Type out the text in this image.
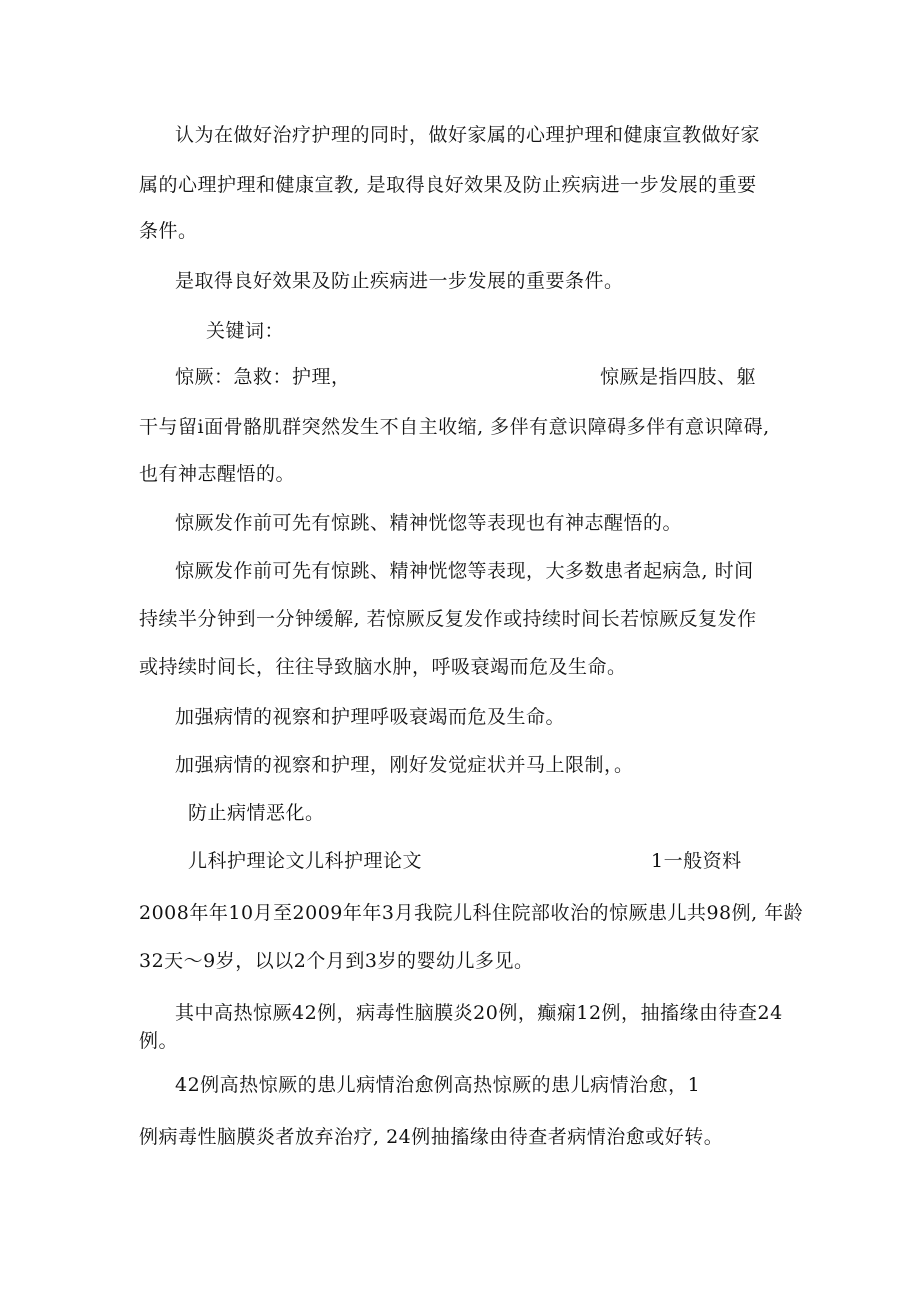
认为在做好治疗护理的同时，做好家属的心理护理和健康宣教做好家
属的心理护理和健康宣教, 是取得良好效果及防止疾病进一步发展的重要
条件。
是取得良好效果及防止疾病进一步发展的重要条件。
关键词：
惊厥：急救：护理，	惊厥是指四肢、躯
干与留i面骨骼肌群突然发生不自主收缩, 多伴有意识障碍多伴有意识障碍,
也有神志醒悟的。
惊厥发作前可先有惊跳、精神恍惚等表现也有神志醒悟的。
惊厥发作前可先有惊跳、精神恍惚等表现，大多数患者起病急, 时间
持续半分钟到一分钟缓解, 若惊厥反复发作或持续时间长若惊厥反复发作
或持续时间长，往往导致脑水肿，呼吸衰竭而危及生命。
加强病情的视察和护理呼吸衰竭而危及生命。
加强病情的视察和护理，刚好发觉症状并马上限制，。
防止病情恶化。
儿科护理论文儿科护理论文	1一般资料
2008年年10月至2009年年3月我院儿科住院部收治的惊厥患儿共98例, 年龄
32天～9岁，以以2个月到3岁的婴幼儿多见。
其中高热惊厥42例，病毒性脑膜炎20例，癫痫12例，抽搐缘由待查24
例。
42例高热惊厥的患儿病情治愈例高热惊厥的患儿病情治愈，1
例病毒性脑膜炎者放弃治疗, 24例抽搐缘由待查者病情治愈或好转。
